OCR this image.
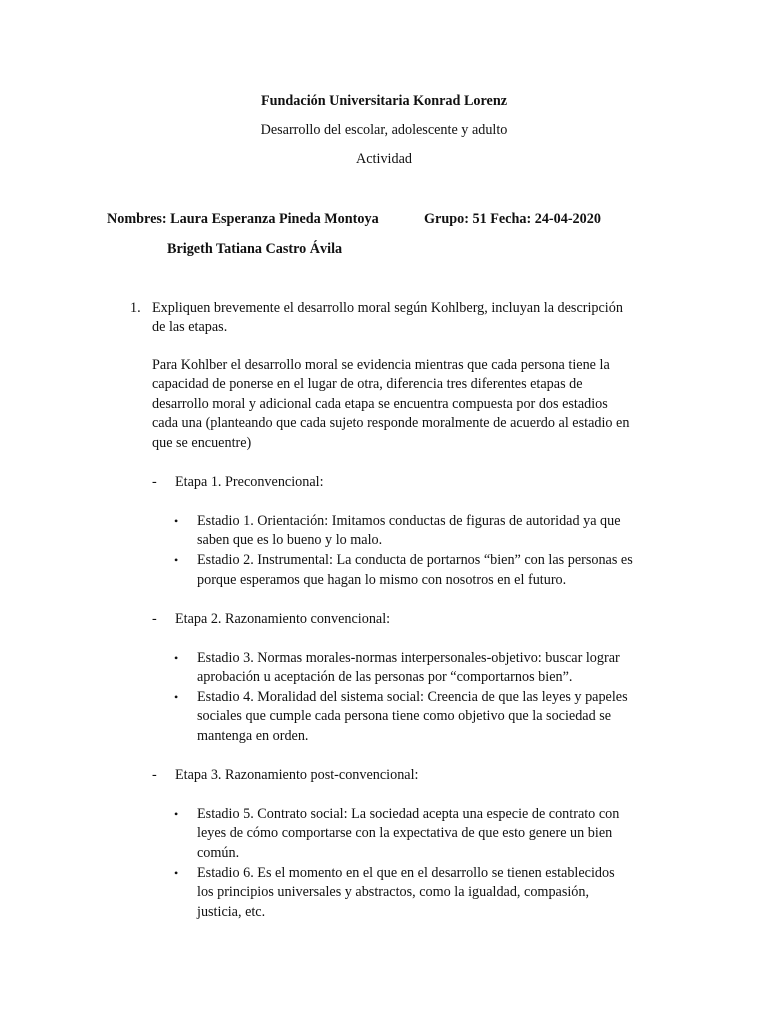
Fundación Universitaria Konrad Lorenz
Desarrollo del escolar, adolescente y adulto
Actividad
Nombres: Laura Esperanza Pineda Montoya	Grupo: 51 Fecha: 24-04-2020
Brigeth Tatiana Castro Ávila
1. Expliquen brevemente el desarrollo moral según Kohlberg, incluyan la descripción
de las etapas.
Para Kohlber el desarrollo moral se evidencia mientras que cada persona tiene la
capacidad de ponerse en el lugar de otra, diferencia tres diferentes etapas de
desarrollo moral y adicional cada etapa se encuentra compuesta por dos estadios
cada una (planteando que cada sujeto responde moralmente de acuerdo al estadio en
que se encuentre)
- Etapa 1. Preconvencional:
• Estadio 1. Orientación: Imitamos conductas de figuras de autoridad ya que
saben que es lo bueno y lo malo.
• Estadio 2. Instrumental: La conducta de portarnos “bien” con las personas es
porque esperamos que hagan lo mismo con nosotros en el futuro.
- Etapa 2. Razonamiento convencional:
• Estadio 3. Normas morales-normas interpersonales-objetivo: buscar lograr
aprobación u aceptación de las personas por “comportarnos bien”.
• Estadio 4. Moralidad del sistema social: Creencia de que las leyes y papeles
sociales que cumple cada persona tiene como objetivo que la sociedad se
mantenga en orden.
- Etapa 3. Razonamiento post-convencional:
• Estadio 5. Contrato social: La sociedad acepta una especie de contrato con
leyes de cómo comportarse con la expectativa de que esto genere un bien
común.
• Estadio 6. Es el momento en el que en el desarrollo se tienen establecidos
los principios universales y abstractos, como la igualdad, compasión,
justicia, etc.
